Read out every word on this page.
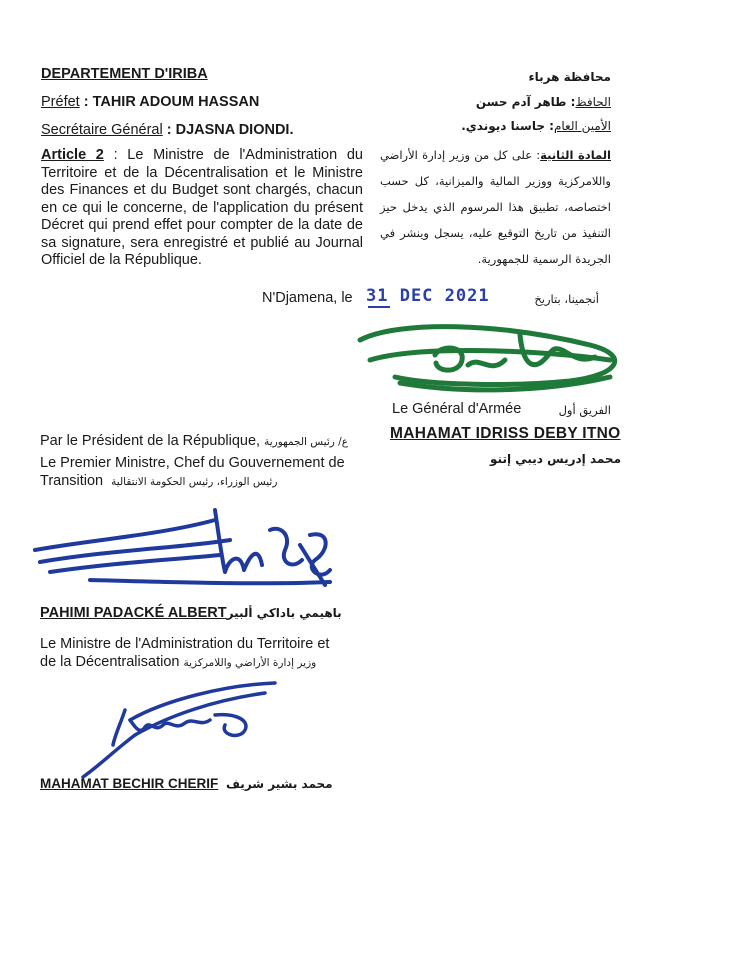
DEPARTEMENT D'IRIBA
Préfet : TAHIR ADOUM HASSAN
Secrétaire Général : DJASNA DIONDI.
محافظة هرباء
الحافظ: طاهر آدم حسن
الأمين العام: جاسنا ديوندي.
Article 2 : Le Ministre de l'Administration du Territoire et de la Décentralisation et le Ministre des Finances et du Budget sont chargés, chacun en ce qui le concerne, de l'application du présent Décret qui prend effet pour compter de la date de sa signature, sera enregistré et publié au Journal Officiel de la République.
المادة الثانية: على كل من وزير إدارة الأراضي واللامركزية ووزير المالية والميزانية، كل حسب اختصاصه، تطبيق هذا المرسوم الذي يدخل حيز التنفيذ من تاريخ التوقيع عليه، يسجل وينشر في الجريدة الرسمية للجمهورية.
N'Djamena, le 31 DEC 2021	أنجمينا، بتاريخ
Le Général d'Armée	الفريق أول
MAHAMAT IDRISS DEBY ITNO
محمد إدريس ديبي إتنو
Par le Président de la République, ع/ رئيس الجمهورية
Le Premier Ministre, Chef du Gouvernement de
Transition رئيس الوزراء، رئيس الحكومة الانتقالية
PAHIMI PADACKÉ ALBERTباهيمي باداكي ألبير
Le Ministre de l'Administration du Territoire et
de la Décentralisation وزير إدارة الأراضي واللامركزية
MAHAMAT BECHIR CHERIF محمد بشير شريف
